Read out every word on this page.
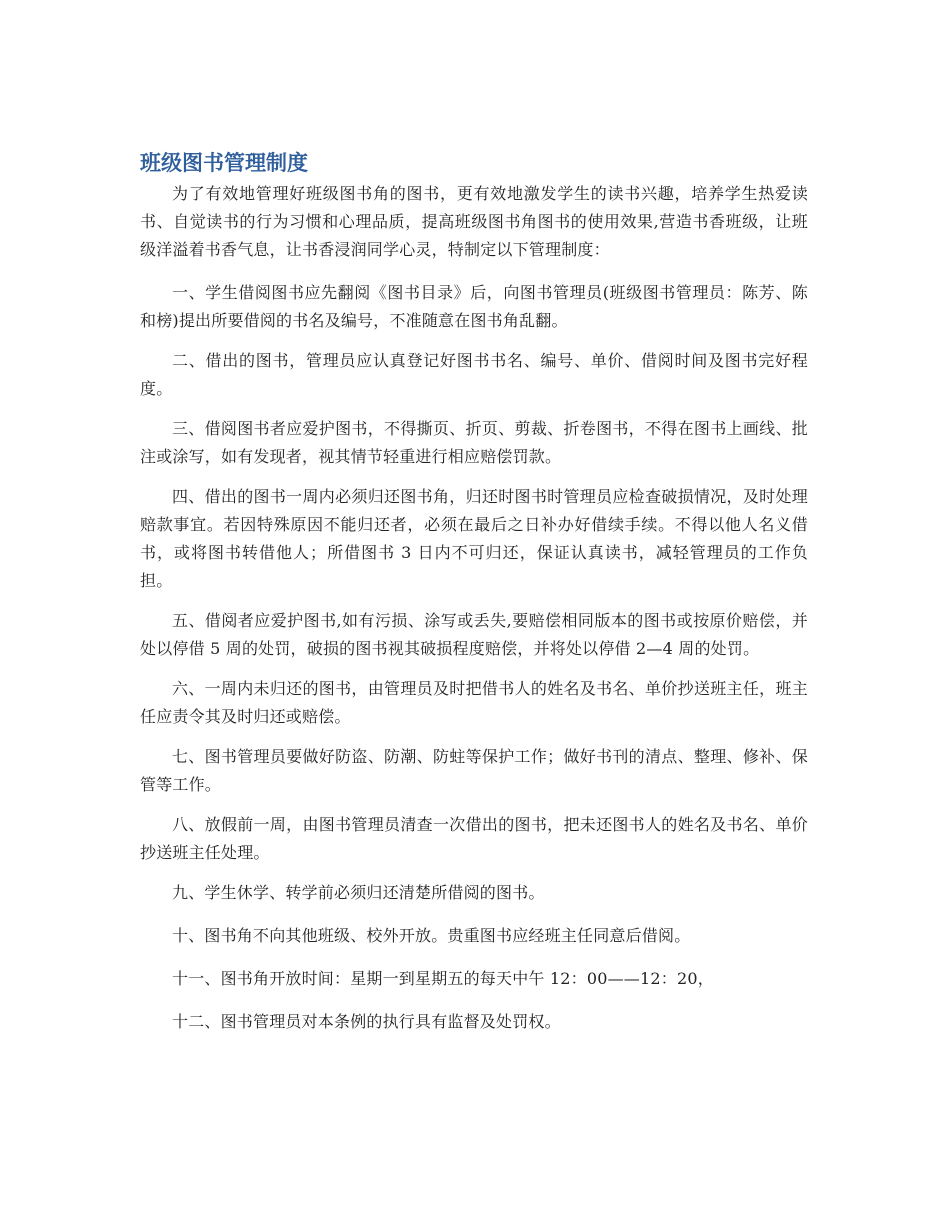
班级图书管理制度

为了有效地管理好班级图书角的图书，更有效地激发学生的读书兴趣，培养学生热爱读书、自觉读书的行为习惯和心理品质，提高班级图书角图书的使用效果,营造书香班级，让班级洋溢着书香气息，让书香浸润同学心灵，特制定以下管理制度：

一、学生借阅图书应先翻阅《图书目录》后，向图书管理员(班级图书管理员：陈芳、陈和榜)提出所要借阅的书名及编号，不准随意在图书角乱翻。

二、借出的图书，管理员应认真登记好图书书名、编号、单价、借阅时间及图书完好程度。

三、借阅图书者应爱护图书，不得撕页、折页、剪裁、折卷图书，不得在图书上画线、批注或涂写，如有发现者，视其情节轻重进行相应赔偿罚款。

四、借出的图书一周内必须归还图书角，归还时图书时管理员应检查破损情况，及时处理赔款事宜。若因特殊原因不能归还者，必须在最后之日补办好借续手续。不得以他人名义借书，或将图书转借他人；所借图书 3 日内不可归还，保证认真读书，减轻管理员的工作负担。

五、借阅者应爱护图书,如有污损、涂写或丢失,要赔偿相同版本的图书或按原价赔偿，并处以停借 5 周的处罚，破损的图书视其破损程度赔偿，并将处以停借 2—4 周的处罚。

六、一周内未归还的图书，由管理员及时把借书人的姓名及书名、单价抄送班主任，班主任应责令其及时归还或赔偿。

七、图书管理员要做好防盗、防潮、防蛀等保护工作；做好书刊的清点、整理、修补、保管等工作。

八、放假前一周，由图书管理员清查一次借出的图书，把未还图书人的姓名及书名、单价抄送班主任处理。

九、学生休学、转学前必须归还清楚所借阅的图书。

十、图书角不向其他班级、校外开放。贵重图书应经班主任同意后借阅。

十一、图书角开放时间：星期一到星期五的每天中午 12：00——12：20，

十二、图书管理员对本条例的执行具有监督及处罚权。
